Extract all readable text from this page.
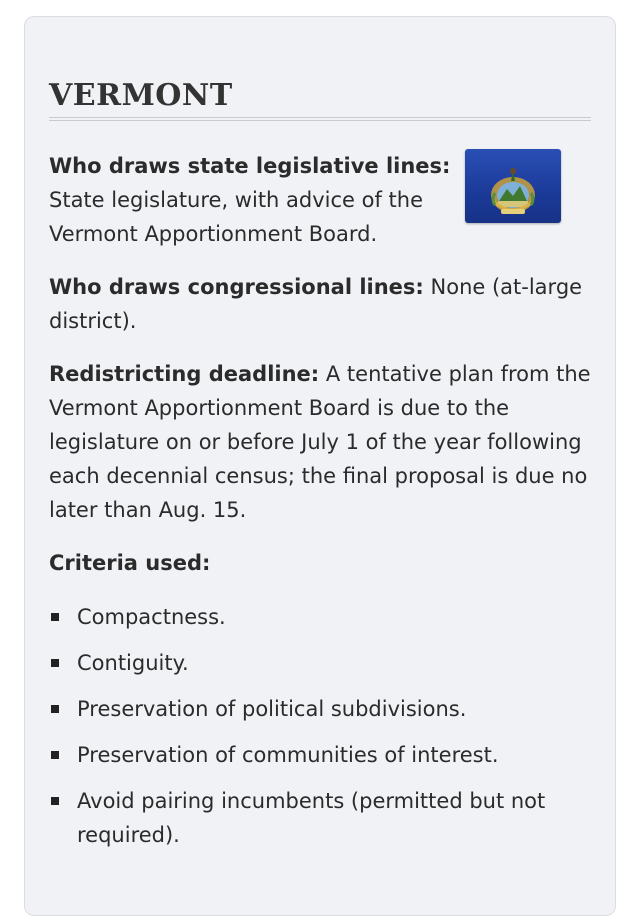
VERMONT

Who draws state legislative lines: State legislature, with advice of the Vermont Apportionment Board.

Who draws congressional lines: None (at-large district).

Redistricting deadline: A tentative plan from the Vermont Apportionment Board is due to the legislature on or before July 1 of the year following each decennial census; the final proposal is due no later than Aug. 15.

Criteria used:
Compactness.
Contiguity.
Preservation of political subdivisions.
Preservation of communities of interest.
Avoid pairing incumbents (permitted but not required).
